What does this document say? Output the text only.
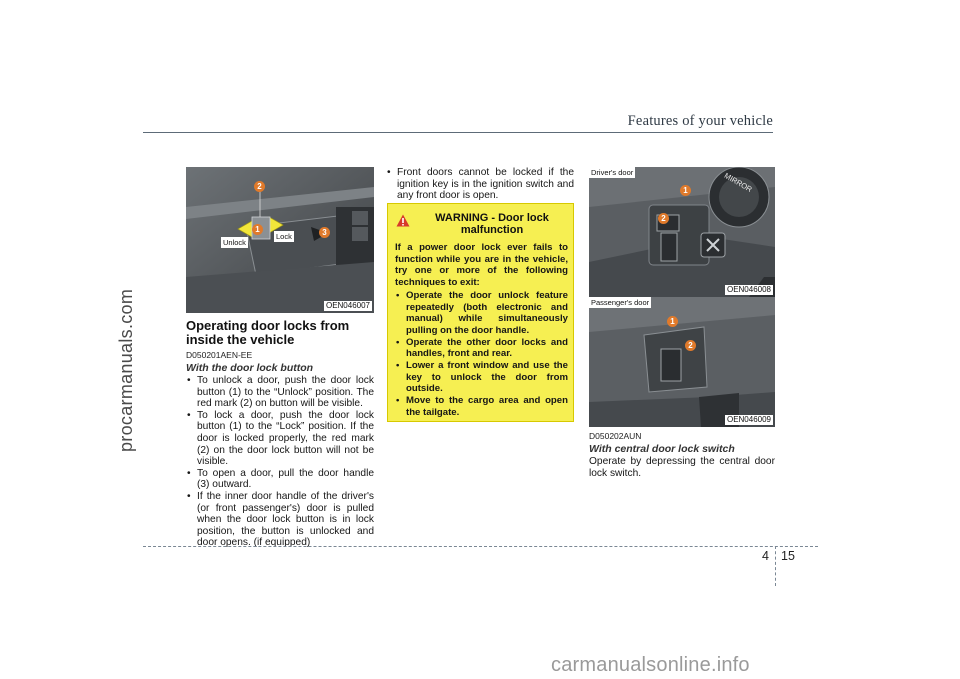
Features of your vehicle
procarmanuals.com
carmanualsonline.info
2
1	3
Unlock
Lock
OEN046007
Operating door locks from inside the vehicle
D050201AEN-EE
With the door lock button
• To unlock a door, push the door lock button (1) to the “Unlock” position. The red mark (2) on button will be visible.
• To lock a door, push the door lock button (1) to the “Lock” position. If the door is locked properly, the red mark (2) on the door lock button will not be visible.
• To open a door, pull the door handle (3) outward.
• If the inner door handle of the driver's (or front passenger's) door is pulled when the door lock button is in lock position, the button is unlocked and door opens. (if equipped)
• Front doors cannot be locked if the ignition key is in the ignition switch and any front door is open.
WARNING - Door lock malfunction
If a power door lock ever fails to function while you are in the vehicle, try one or more of the following techniques to exit:
• Operate the door unlock feature repeatedly (both electronic and manual) while simultaneously pulling on the door handle.
• Operate the other door locks and handles, front and rear.
• Lower a front window and use the key to unlock the door from outside.
• Move to the cargo area and open the tailgate.
MIRROR
1
2
Driver's door
OEN046008
1
2
Passenger's door
OEN046009
D050202AUN
With central door lock switch
Operate by depressing the central door lock switch.
4 15
